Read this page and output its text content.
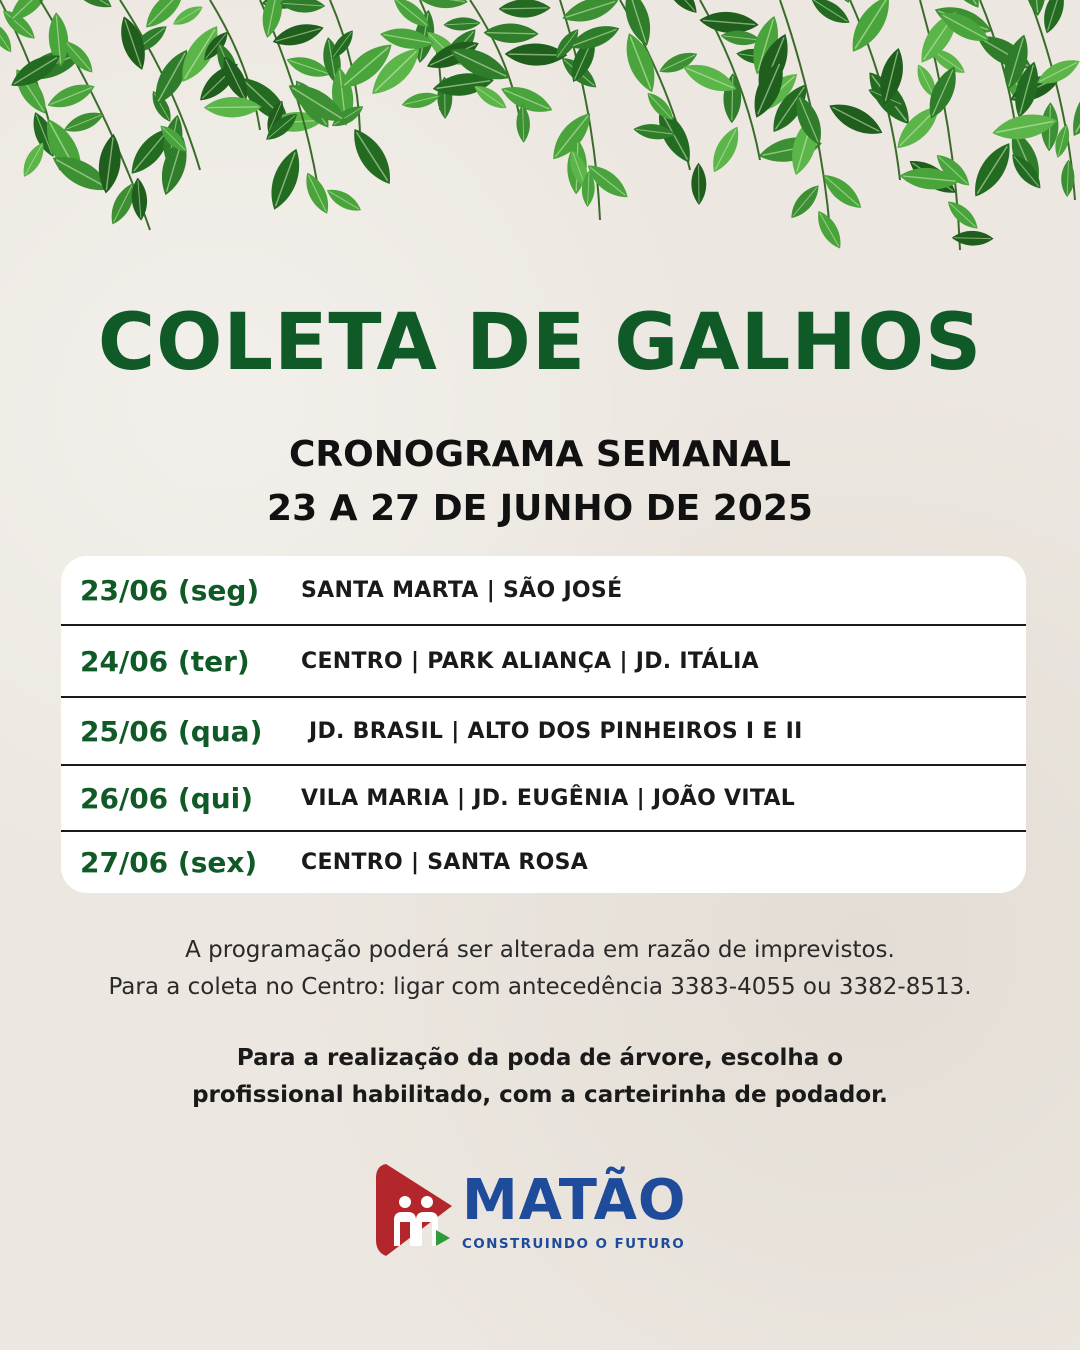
COLETA DE GALHOS
CRONOGRAMA SEMANAL
23 A 27 DE JUNHO DE 2025
23/06 (seg) SANTA MARTA | SÃO JOSÉ
24/06 (ter) CENTRO | PARK ALIANÇA | JD. ITÁLIA
25/06 (qua) JD. BRASIL | ALTO DOS PINHEIROS I E II
26/06 (qui) VILA MARIA | JD. EUGÊNIA | JOÃO VITAL
27/06 (sex) CENTRO | SANTA ROSA
A programação poderá ser alterada em razão de imprevistos.
Para a coleta no Centro: ligar com antecedência 3383-4055 ou 3382-8513.
Para a realização da poda de árvore, escolha o
profissional habilitado, com a carteirinha de podador.
MATÃO
CONSTRUINDO O FUTURO
